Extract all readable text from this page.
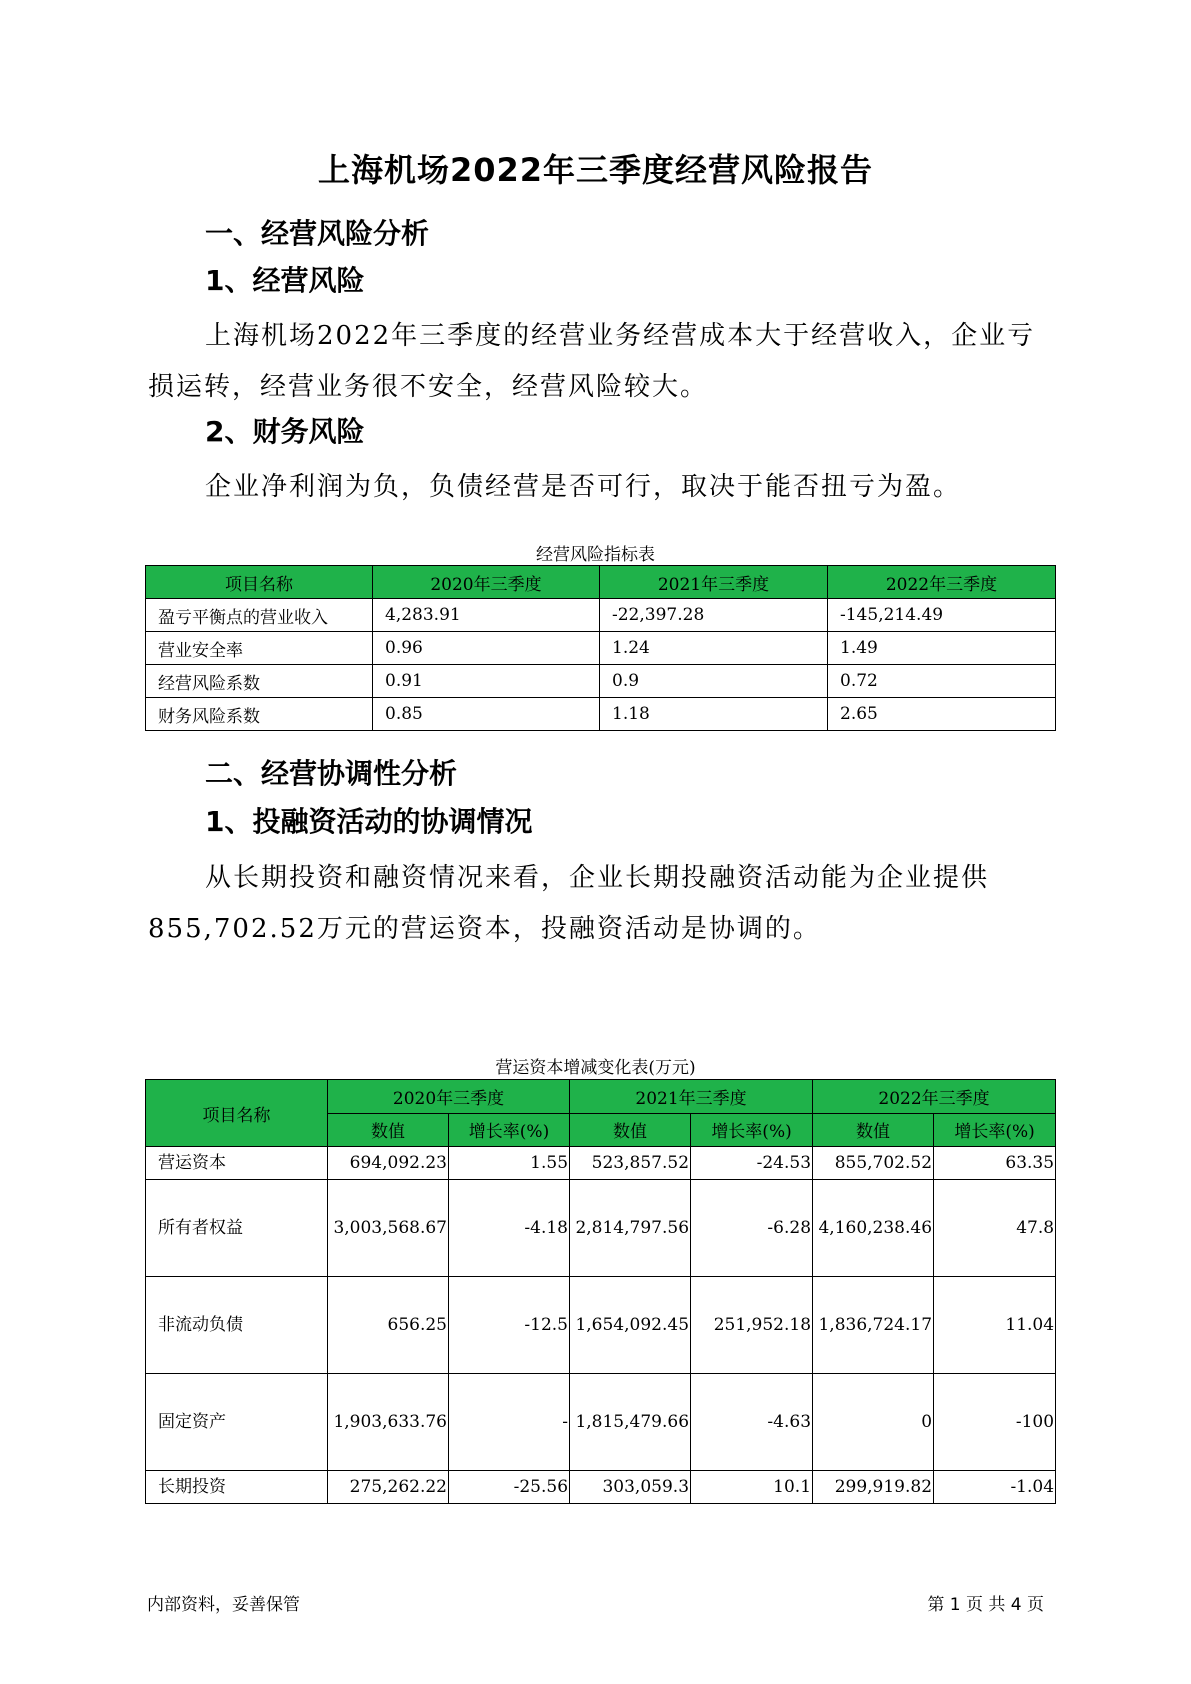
上海机场2022年三季度经营风险报告
一、经营风险分析
1、经营风险
上海机场2022年三季度的经营业务经营成本大于经营收入，企业亏损运转，经营业务很不安全，经营风险较大。
2、财务风险
企业净利润为负，负债经营是否可行，取决于能否扭亏为盈。
经营风险指标表
项目名称	2020年三季度	2021年三季度	2022年三季度
盈亏平衡点的营业收入	4,283.91	-22,397.28	-145,214.49
营业安全率	0.96	1.24	1.49
经营风险系数	0.91	0.9	0.72
财务风险系数	0.85	1.18	2.65
二、经营协调性分析
1、投融资活动的协调情况
从长期投资和融资情况来看，企业长期投融资活动能为企业提供855,702.52万元的营运资本，投融资活动是协调的。
营运资本增减变化表(万元)
项目名称	2020年三季度		2021年三季度		2022年三季度	
	数值	增长率(%)	数值	增长率(%)	数值	增长率(%)
营运资本	694,092.23	1.55	523,857.52	-24.53	855,702.52	63.35
所有者权益	3,003,568.67	-4.18	2,814,797.56	-6.28	4,160,238.46	47.8
非流动负债	656.25	-12.5	1,654,092.45	251,952.18	1,836,724.17	11.04
固定资产	1,903,633.76	-	1,815,479.66	-4.63	0	-100
长期投资	275,262.22	-25.56	303,059.3	10.1	299,919.82	-1.04
内部资料，妥善保管	第 1 页 共 4 页
